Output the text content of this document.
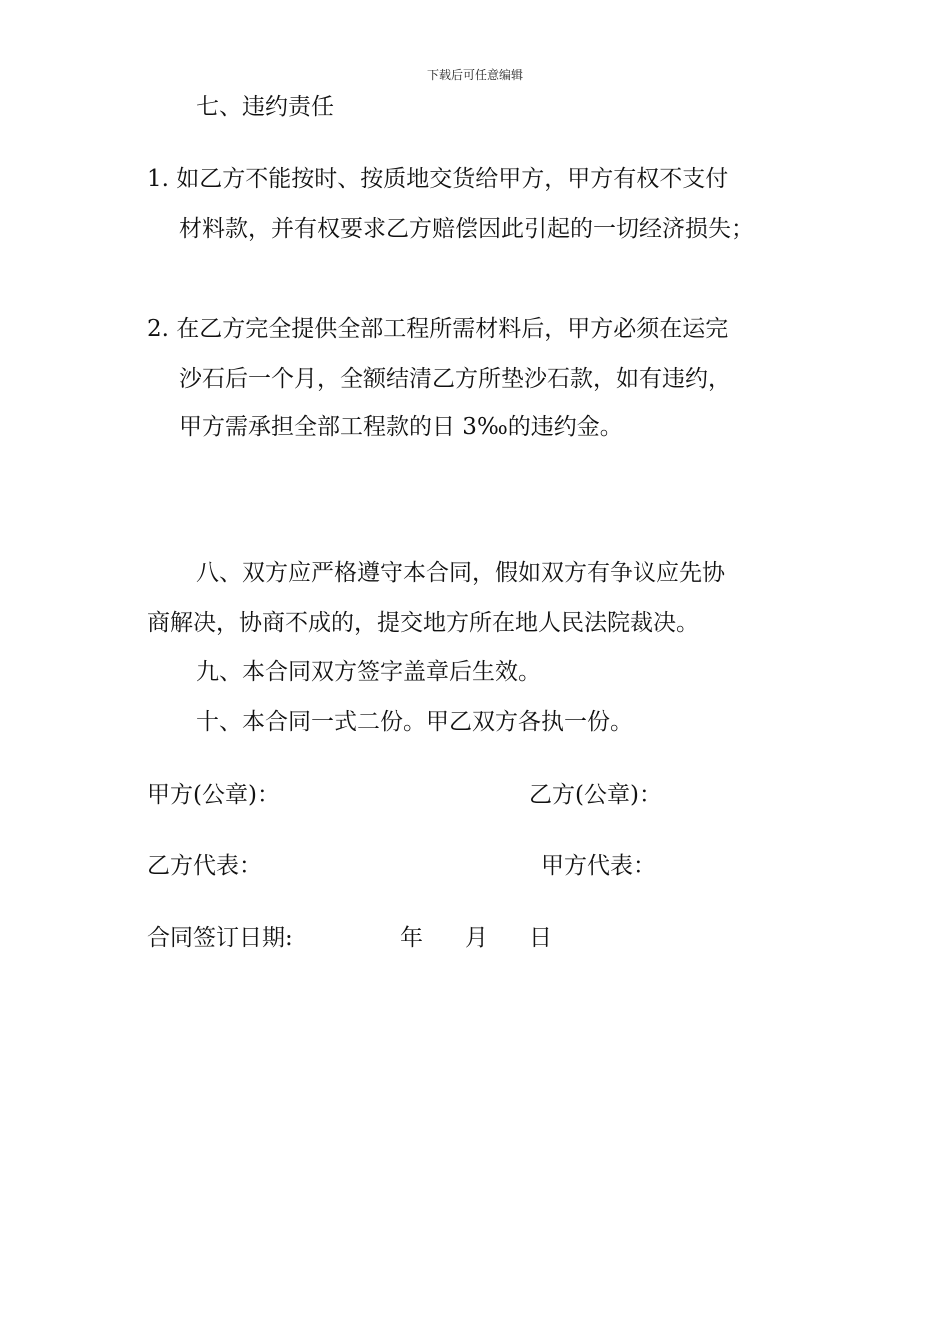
下载后可任意编辑
七、违约责任
1. 如乙方不能按时、按质地交货给甲方，甲方有权不支付
材料款，并有权要求乙方赔偿因此引起的一切经济损失；
2. 在乙方完全提供全部工程所需材料后，甲方必须在运完
沙石后一个月，全额结清乙方所垫沙石款，如有违约，
甲方需承担全部工程款的日 3‰的违约金。
八、双方应严格遵守本合同，假如双方有争议应先协
商解决，协商不成的，提交地方所在地人民法院裁决。
九、本合同双方签字盖章后生效。
十、本合同一式二份。甲乙双方各执一份。
甲方(公章)：	乙方(公章)：
乙方代表：	甲方代表：
合同签订日期:	年 月 日
